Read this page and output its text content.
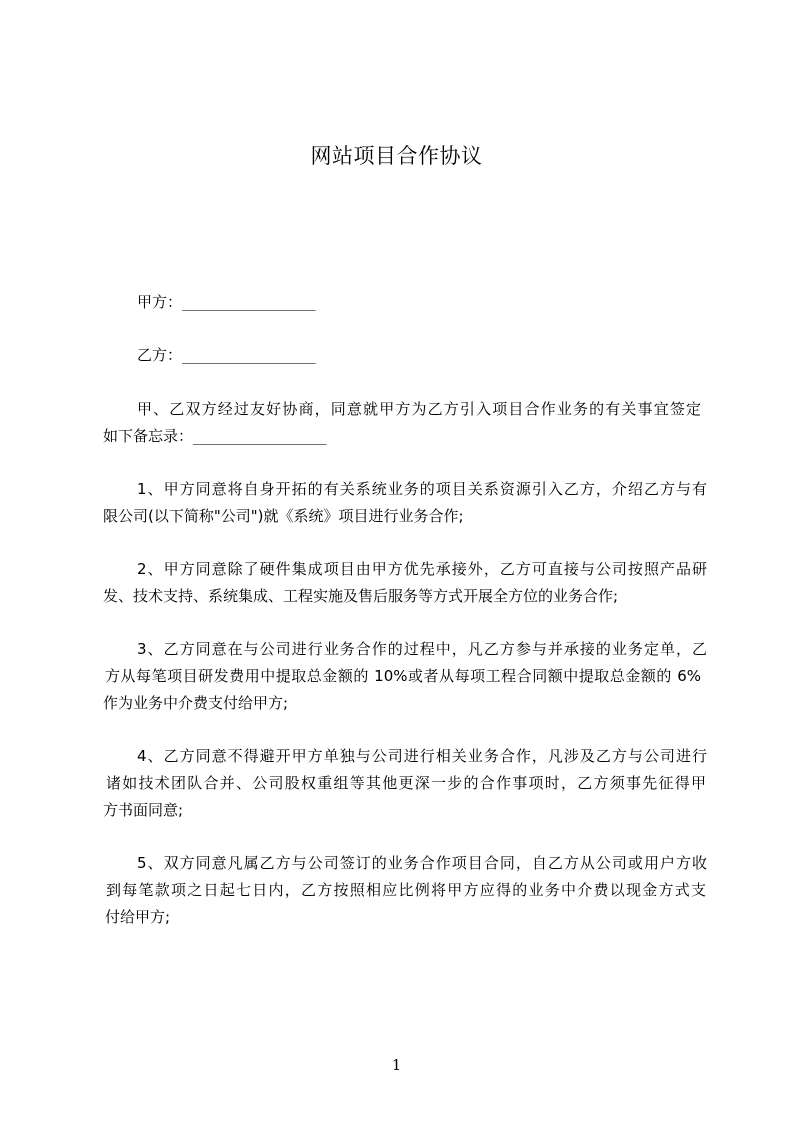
网站项目合作协议
甲方：_________________
乙方：_________________
甲、乙双方经过友好协商，同意就甲方为乙方引入项目合作业务的有关事宜签定
如下备忘录：_________________
1、甲方同意将自身开拓的有关系统业务的项目关系资源引入乙方，介绍乙方与有
限公司(以下简称"公司")就《系统》项目进行业务合作;
2、甲方同意除了硬件集成项目由甲方优先承接外，乙方可直接与公司按照产品研
发、技术支持、系统集成、工程实施及售后服务等方式开展全方位的业务合作;
3、乙方同意在与公司进行业务合作的过程中，凡乙方参与并承接的业务定单，乙
方从每笔项目研发费用中提取总金额的 10%或者从每项工程合同额中提取总金额的 6%
作为业务中介费支付给甲方;
4、乙方同意不得避开甲方单独与公司进行相关业务合作，凡涉及乙方与公司进行
诸如技术团队合并、公司股权重组等其他更深一步的合作事项时，乙方须事先征得甲
方书面同意;
5、双方同意凡属乙方与公司签订的业务合作项目合同，自乙方从公司或用户方收
到每笔款项之日起七日内，乙方按照相应比例将甲方应得的业务中介费以现金方式支
付给甲方;
1
